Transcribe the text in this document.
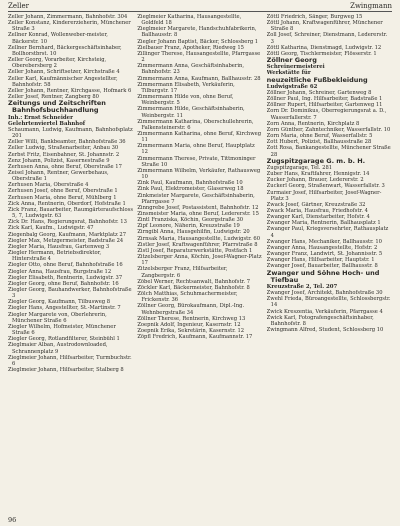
Zeller	Zwingmann

Zeller Johann, Zimmermann, Bahnhofstr. 304

Zeller Konstanz, Kindererzieherin, Münchener Straße 3

Zellner Konrad, Wollenweber-meister, Bäckerstr. 10

Zellner Bernhard, Bäckergeschäftsinhaber, Bollhorstbrst. 10

Zeller Georg, Vorarbeiter, Kirchsteig, Oberebersberg 2

Zeller Johann, Schriftsetzer, Kirchstraße 4

Zeller Karl, Kaufmännischer Angestellter, Bahnhofstr. 58

Zeller Johann, Rentner, Kirchgasse, Hofmark 6

Zeller Josef, Rentner, Zangberg 80

Zeitungs und Zeitschriften Bahnhofsbuchhandlung

Inh.: Ernst Schneider

Gelehrtenviertel Bahnhof

Schaumann, Ludwig, Kaufmann, Bahnhofsplatz 201

Zeller Willi, Bankbeamter, Bahnhofstraße 36

Zeller Ludwig, Straßenarbeiter, Anbau 30

Zerbst Fritz, Eisenbahner, St. Johannstr. 2

Zenz Johann, Polizist, Kasernestraße 9

Zerhusen Anna, ohne Beruf, Oberstraße 17

Zeisel Johann, Rentner, Gewerbehaus, Oberstraße 1

Zerhusen Maria, Oberstraße 4

Zerhusen Josef, ohne Beruf, Oberstraße 1

Zerhusen Maria, ohne Beruf, Mühlberg 1

Zick Anna, Rentnerin, Oberdorf, Hofstraße 1

Zick Franz, Bauarbeiter, Raumgärteraufschloss 5, 7, Ludwigstr. 63

Zick Dr. Hans, Regierungsrat, Bahnhofstr. 13

Zick Karl, Kaufm., Ludwigstr. 47

Ziegenbalg Georg, Kaufmann, Marktplatz 27

Ziegler Max, Metzgermeister, Badstraße 24

Ziegler Maria, Hausfrau, Gartenweg 3

Ziegler Hermann, Betriebsdirektor, Hinterstraße 4

Ziegler Otto, ohne Beruf, Bahnhofstraße 16

Ziegler Anna, Hausfrau, Burgstraße 12

Ziegler Elisabeth, Rentnerin, Ludwigstr. 37

Ziegler Georg, ohne Beruf, Bahnhofstr. 16

Ziegler Georg, Bauhandwerker, Bahnhofstraße 3

Ziegler Georg, Kaufmann, Tilbusweg 8

Ziegler Hans, Angestellter, St.-Martinstr. 7

Ziegler Margarete von, Oberlehrerin, Münchener Straße 6

Ziegler Wilhelm, Hofmeister, Münchener Straße 6

Ziegler Georg, Rotlandfilterer, Steinbühl 1

Zieglmaier Alban, Austrodownloaded, Schrannenplatz 9

Zieglmeier Johann, Hilfsarbeiter, Turmbuchstr. 6

Zieglmeier Johann, Hilfsarbeiter, Stalberg 8

Zieglmeier Katharina, Hausangestellte, Goldfeld 18

Zieglmeier Margarete, Handschuhfabrikerin, Ballhausstr. 8

Ziegler Johann Baptist, Bäcker, Schlossberg 1

Zielbauer Franz, Apotheker, Riedweg 15

Zillinger Therese, Hausangestellte, Pfarrgasse 2

Zimmermann Anna, Geschäftsinhaberin, Bahnhofstr. 23

Zimmermann Anna, Kaufmann, Ballhausstr. 28

Zimmermann Elisabeth, Verkäuferin, Tilburgstr. 17

Zimmermann Hilde von, ohne Beruf, Weinbergstr. 5

Zimmermann Hilde, Geschäftsinhaberin, Weinbergstr. 11

Zimmermann Katharina, Oberschullehrerin, Falkensteinerstr. 6

Zimmermann Katharina, ohne Beruf, Kirchweg 11

Zimmermann Maria, ohne Beruf, Hauptplatz 12

Zimmermann Therese, Private, Tittmoninger Straße 10

Zimmermann Wilhelm, Verkäufer, Rathausweg 10

Zink Paul, Kaufmann, Bahnhofstraße 10

Zink Paul, Elektromeister, Glaserweg 18

Zinkmeister Margarete, Geschäftsinhaberin, Pfarrgasse 7

Zinngrebe Josef, Postassistent, Bahnhofstr. 12

Zinsmeister Maria, ohne Beruf, Ledererstr. 15

Zintl Franziska, Köchin, Georgstraße 30

Zipf Leonore, Näherin, Kreuzstraße 19

Zirngibl Anna, Hausgehilfin, Ludwigstr. 20

Zirnsak Maria, Hausangestellte, Ludwigstr. 60

Zistler Josef, Kraftwagenführer, Pfarrstraße 8

Zistl Josef, Reparaturwerkstätte, Postfach 1

Zitzelsberger Anna, Köchin, Josef-Wagner-Platz 17

Zitzelsberger Franz, Hilfsarbeiter, Zangbergstr. 6

Zöbel Werner, Rechtsanwalt, Bahnhofstr. 7

Zöckler Karl, Bäckermeister, Bahnhofstr. 8

Zölch Matthias, Schuhmachermeister, Frickenstr. 36

Zöllner Georg, Bürokaufmann, Dipl.-Ing. Wehnbergstraße 34

Zöllner Therese, Rentnerin, Kirchweg 13

Zoepnik Adolf, Ingenieur, Kasernstr. 12

Zoepnik Erika, Sekretärin, Kasernstr. 12

Zöpfl Fredrich, Kaufmann, Kaufmannstr. 17

Zöttl Friedrich, Sänger, Burgweg 15

Zöttl Johann, Kraftwagenführer, Münchener Straße 8

Zoll Josef, Schreiner, Dienstmann, Ledererstr. 3

Zöttl Katharina, Dienstmagd, Ludwigstr. 12

Zöttl Georg, Tischlermeister, Flösserstr. 1

Zöllner Georg

Schreinermeisterei

Werkstätte für

neuzeitliche Fußbekleidung

Ludwigstraße 62

Zöllner Johann, Schreiner, Gartenweg 8

Zöllner Paul, Ing. Hilfsarbeiter, Badstraße 1

Zöllner Rupert, Hilfsarbeiter, Gartenweg 11

Zorn Dr. Dominikus, Oberregierungsrat a. D., Wasserfallerstr. 7

Zorn Anna, Rentnerin, Kirchplatz 8

Zorn Günther, Zahntechniker, Wasserfallstr. 10

Zorn Maria, ohne Beruf, Wasserfallstr. 5

Zott Hubert, Polizist, Ballhausstraße 28

Zott Rosa, Bankangestellte, Münchener Straße 28

Zugspitzgarage G. m. b. H.

Zugspitzgarage, Tel. 281

Zuber Hans, Kraftfahrer, Hennigstr. 14

Zucker Johann, Brauer, Ledererstr. 2

Zuckerl Georg, Straßenwart, Wasserfallstr. 3

Zurmaier Josef, Hilfsarbeiter, Josef-Wagner-Platz 3

Zwack Josef, Gärtner, Kreuzstraße 32

Zwack Maria, Hausfrau, Friedhofstr. 4

Zwanger Karl, Dienstarbeiter, Hofstr. 4

Zwanger Maria, Rentnerin, Ballhausplatz 1

Zwanger Paul, Kriegsversehrter, Rathausplatz 4

Zwanger Hans, Mechaniker, Ballhausstr. 10

Zwanger Anna, Hausangestellte, Hofstr. 2

Zwanger Franz, Landwirt, St. Johannisstr. 5

Zwanger Hans, Hilfsarbeiter, Hauptstr. 1

Zwanger Josef, Bauarbeiter, Ballhausstr. 8

Zwanger und Söhne Hoch- und Tiefbau

Kreuzstraße 2, Tel. 207

Zwanger Josef, Architekt, Bahnhofstraße 30

Zwehl Frieda, Büroangestellte, Schlossbergstr. 14

Zwick Kreszentia, Verkäuferin, Pfarrgasse 4

Zwick Karl, Fotografengeschäftsinhaber, Bahnhofstr. 8

Zwingmann Alfred, Student, Schlossberg 10

96
